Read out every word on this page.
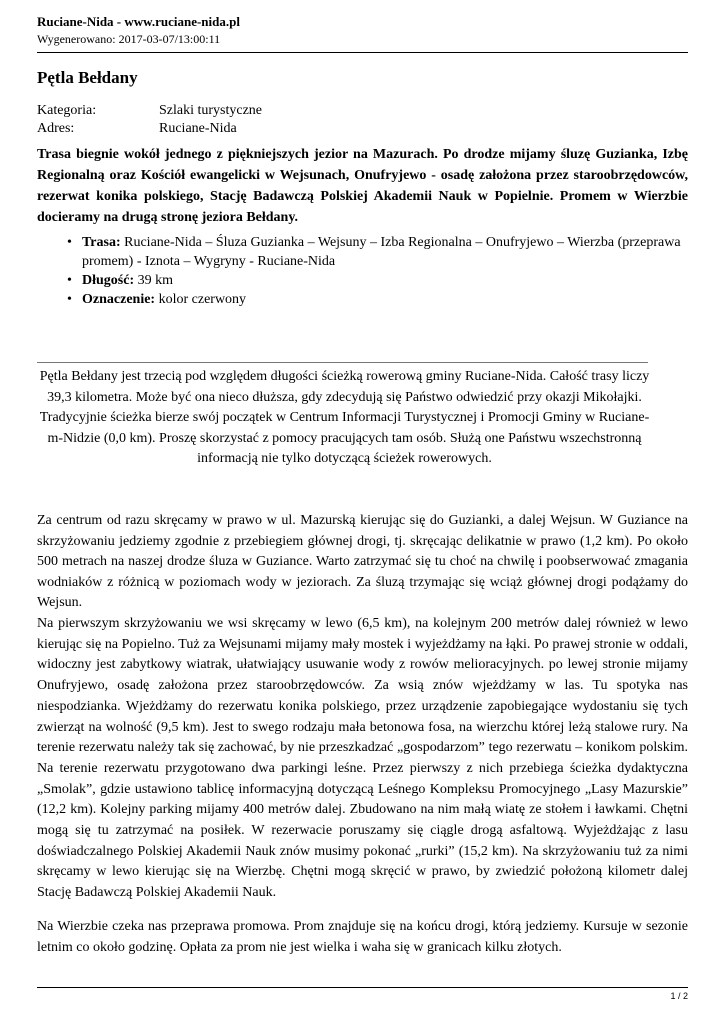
Ruciane-Nida - www.ruciane-nida.pl
Wygenerowano: 2017-03-07/13:00:11
Pętla Bełdany
Kategoria:	Szlaki turystyczne
Adres:	Ruciane-Nida
Trasa biegnie wokół jednego z piękniejszych jezior na Mazurach. Po drodze mijamy śluzę Guzianka, Izbę Regionalną oraz Kościół ewangelicki w Wejsunach, Onufryjewo - osadę założona przez staroobrzędowców, rezerwat konika polskiego, Stację Badawczą Polskiej Akademii Nauk w Popielnie. Promem w Wierzbie docieramy na drugą stronę jeziora Bełdany.
• Trasa: Ruciane-Nida – Śluza Guzianka – Wejsuny – Izba Regionalna – Onufryjewo – Wierzba (przeprawa promem) - Iznota – Wygryny - Ruciane-Nida
• Długość: 39 km
• Oznaczenie: kolor czerwony
Pętla Bełdany jest trzecią pod względem długości ścieżką rowerową gminy Ruciane-Nida. Całość trasy liczy 39,3 kilometra. Może być ona nieco dłuższa, gdy zdecydują się Państwo odwiedzić przy okazji Mikołajki. Tradycyjnie ścieżka bierze swój początek w Centrum Informacji Turystycznej i Promocji Gminy w Rucianem-Nidzie (0,0 km). Proszę skorzystać z pomocy pracujących tam osób. Służą one Państwu wszechstronną informacją nie tylko dotyczącą ścieżek rowerowych.
Za centrum od razu skręcamy w prawo w ul. Mazurską kierując się do Guzianki, a dalej Wejsun. W Guziance na skrzyżowaniu jedziemy zgodnie z przebiegiem głównej drogi, tj. skręcając delikatnie w prawo (1,2 km). Po około 500 metrach na naszej drodze śluza w Guziance. Warto zatrzymać się tu choć na chwilę i poobserwować zmagania wodniaków z różnicą w poziomach wody w jeziorach. Za śluzą trzymając się wciąż głównej drogi podążamy do Wejsun.
Na pierwszym skrzyżowaniu we wsi skręcamy w lewo (6,5 km), na kolejnym 200 metrów dalej również w lewo kierując się na Popielno. Tuż za Wejsunami mijamy mały mostek i wyjeżdżamy na łąki. Po prawej stronie w oddali, widoczny jest zabytkowy wiatrak, ułatwiający usuwanie wody z rowów melioracyjnych. po lewej stronie mijamy Onufryjewo, osadę założona przez staroobrzędowców. Za wsią znów wjeżdżamy w las. Tu spotyka nas niespodzianka. Wjeżdżamy do rezerwatu konika polskiego, przez urządzenie zapobiegające wydostaniu się tych zwierząt na wolność (9,5 km). Jest to swego rodzaju mała betonowa fosa, na wierzchu której leżą stalowe rury. Na terenie rezerwatu należy tak się zachować, by nie przeszkadzać „gospodarzom” tego rezerwatu – konikom polskim. Na terenie rezerwatu przygotowano dwa parkingi leśne. Przez pierwszy z nich przebiega ścieżka dydaktyczna „Smolak”, gdzie ustawiono tablicę informacyjną dotyczącą Leśnego Kompleksu Promocyjnego „Lasy Mazurskie” (12,2 km). Kolejny parking mijamy 400 metrów dalej. Zbudowano na nim małą wiatę ze stołem i ławkami. Chętni mogą się tu zatrzymać na posiłek. W rezerwacie poruszamy się ciągle drogą asfaltową. Wyjeżdżając z lasu doświadczalnego Polskiej Akademii Nauk znów musimy pokonać „rurki” (15,2 km). Na skrzyżowaniu tuż za nimi skręcamy w lewo kierując się na Wierzbę. Chętni mogą skręcić w prawo, by zwiedzić położoną kilometr dalej Stację Badawczą Polskiej Akademii Nauk.
Na Wierzbie czeka nas przeprawa promowa. Prom znajduje się na końcu drogi, którą jedziemy. Kursuje w sezonie letnim co około godzinę. Opłata za prom nie jest wielka i waha się w granicach kilku złotych.
1 / 2
